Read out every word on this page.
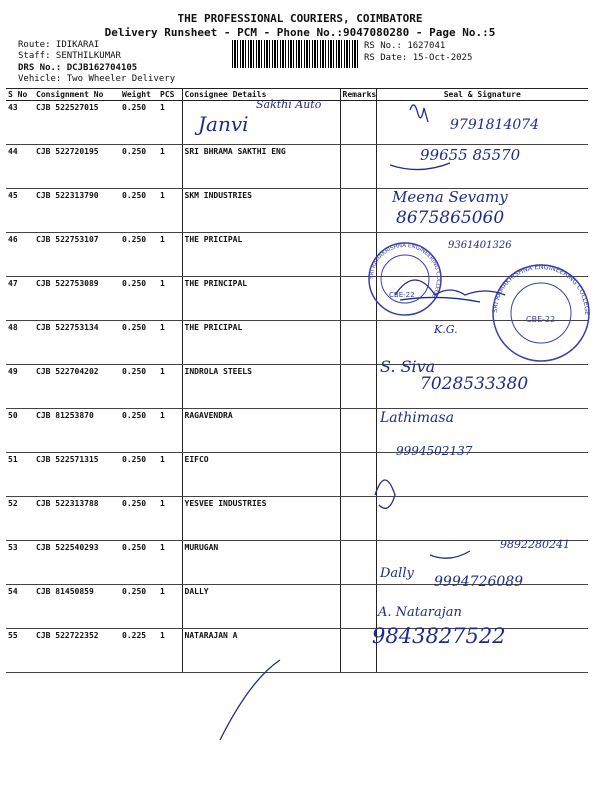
THE PROFESSIONAL COURIERS, COIMBATORE
Delivery Runsheet - PCM - Phone No.:9047080280 - Page No.:5
Route: IDIKARAI
Staff: SENTHILKUMAR
DRS No.: DCJB162704105
Vehicle: Two Wheeler Delivery
RS No.: 1627041
RS Date: 15-Oct-2025
S No	Consignment No	Weight	PCS	Consignee Details	Remarks	Seal & Signature
43	CJB 522527015	0.250	1			
44	CJB 522720195	0.250	1	SRI BHRAMA SAKTHI ENG		
45	CJB 522313790	0.250	1	SKM INDUSTRIES		
46	CJB 522753107	0.250	1	THE PRICIPAL		
47	CJB 522753089	0.250	1	THE PRINCIPAL		
48	CJB 522753134	0.250	1	THE PRICIPAL		
49	CJB 522704202	0.250	1	INDROLA STEELS		
50	CJB 81253870	0.250	1	RAGAVENDRA		
51	CJB 522571315	0.250	1	EIFCO		
52	CJB 522313788	0.250	1	YESVEE INDUSTRIES		
53	CJB 522540293	0.250	1	MURUGAN		
54	CJB 81450859	0.250	1	DALLY		
55	CJB 522722352	0.225	1	NATARAJAN A		
SRI RAMAKRISHNA ENGINEERING COLLEGE
CBE-22
SRI RAMAKRISHNA ENGINEERING COLLEGE
CBE-22
Sakthi Auto
Janvi	9791814074
99655 85570
Meena Sevamy
8675865060
9361401326
K.G.
S. Siva
7028533380
Lathimasa
9994502137
9892280241
Dally
9994726089
A. Natarajan
9843827522
